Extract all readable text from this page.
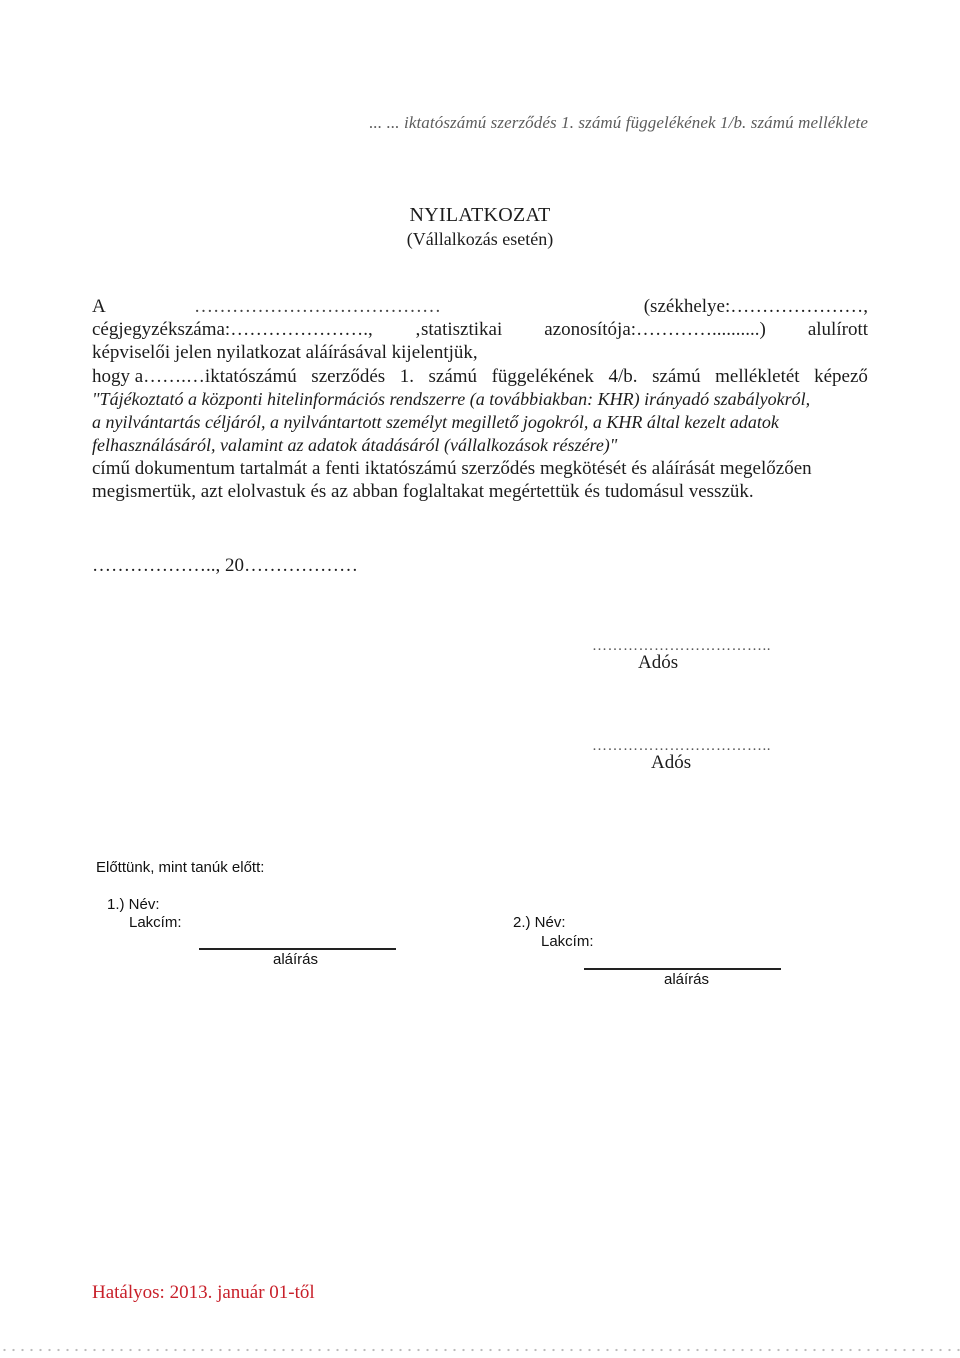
... ... iktatószámú szerződés 1. számú függelékének 1/b. számú melléklete
NYILATKOZAT
(Vállalkozás esetén)
A	…………………………………	(székhelye:…………………,
cégjegyzékszáma:…………………., ‚statisztikai azonosítója:…………..........) alulírott
képviselői jelen nyilatkozat aláírásával kijelentjük,
hogy a…….…iktatószámú szerződés 1. számú függelékének 4/b. számú mellékletét képező
"Tájékoztató a központi hitelinformációs rendszerre (a továbbiakban: KHR) irányadó szabályokról,
a nyilvántartás céljáról, a nyilvántartott személyt megillető jogokról, a KHR által kezelt adatok
felhasználásáról, valamint az adatok átadásáról (vállalkozások részére)"
című dokumentum tartalmát a fenti iktatószámú szerződés megkötését és aláírását megelőzően
megismertük, azt elolvastuk és az abban foglaltakat megértettük és tudomásul vesszük.
……………….., 20………………
……………………………..
Adós
……………………………..
Adós
Előttünk, mint tanúk előtt:
1.) Név:
Lakcím:
aláírás
2.) Név:
Lakcím:
aláírás
Hatályos: 2013. január 01-től
